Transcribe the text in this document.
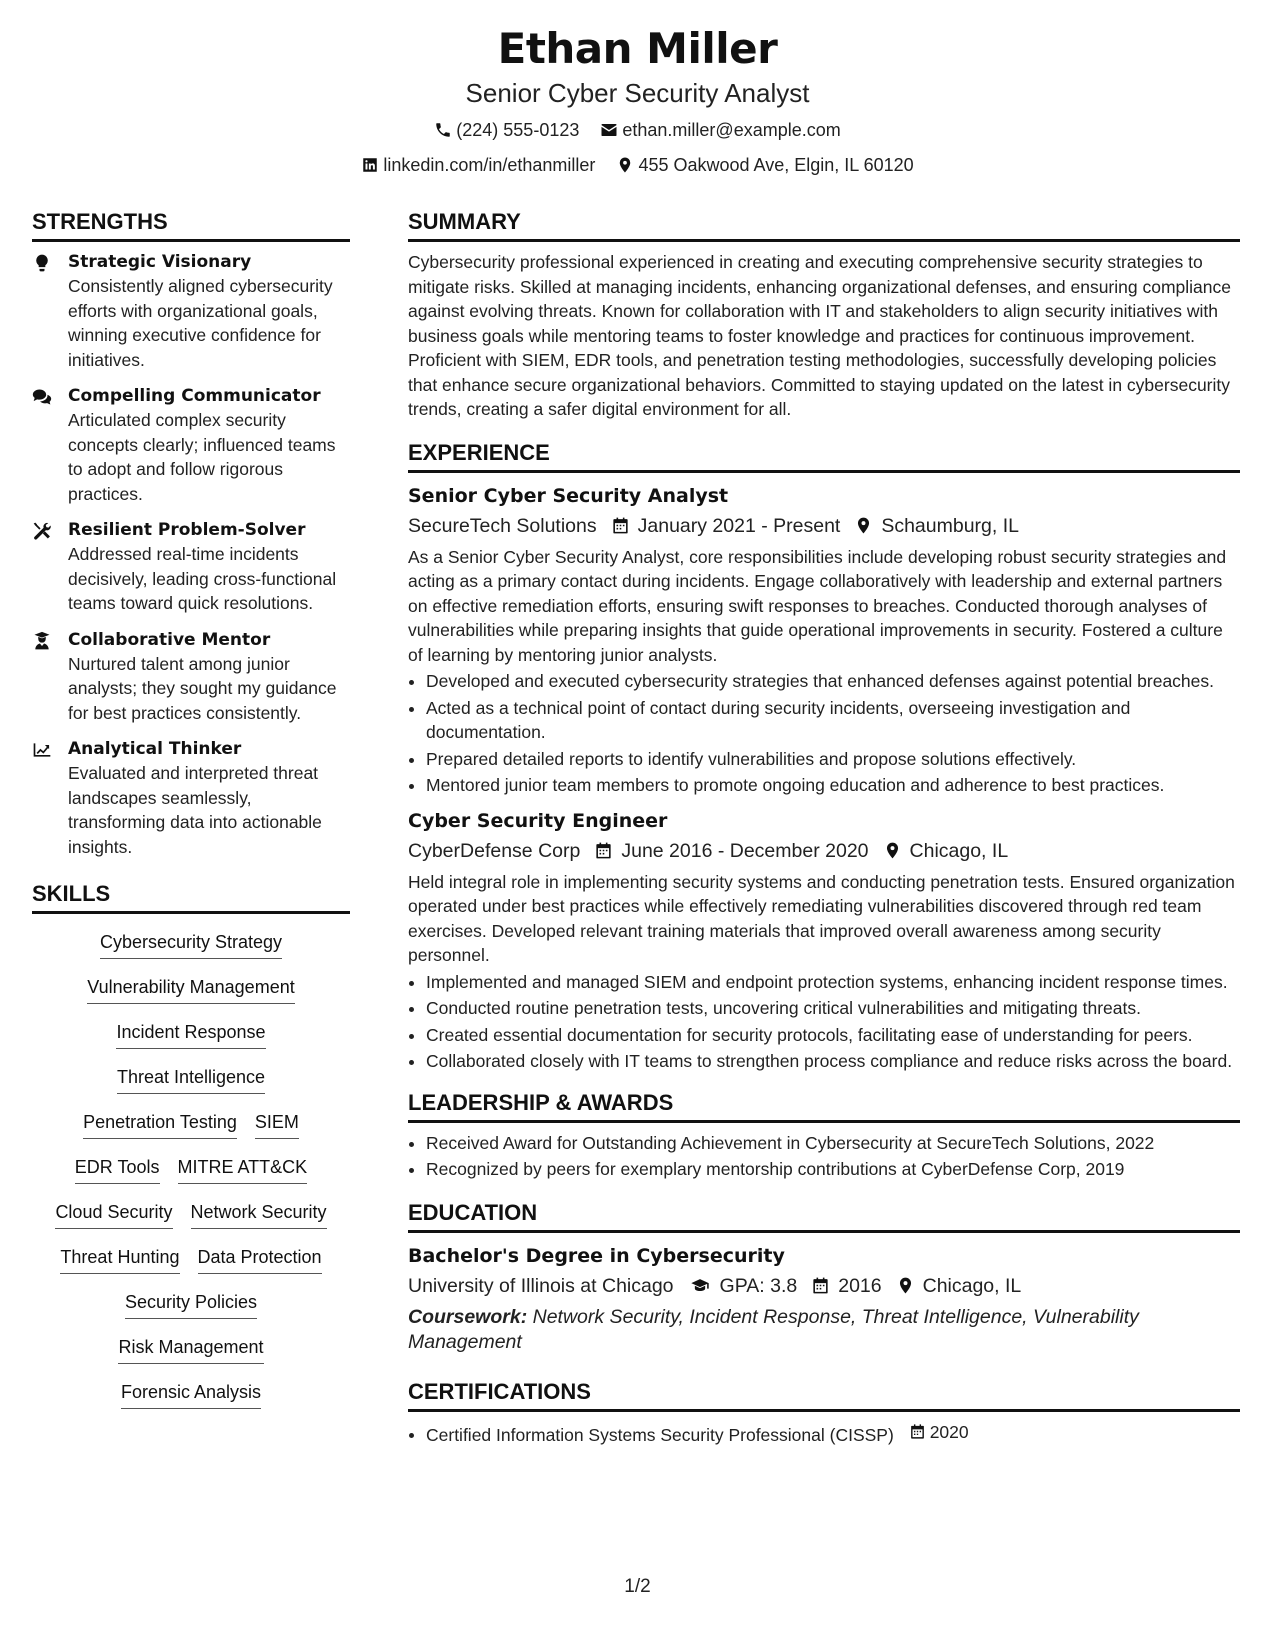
Ethan Miller
Senior Cyber Security Analyst
(224) 555-0123
ethan.miller@example.com
linkedin.com/in/ethanmiller
455 Oakwood Ave, Elgin, IL 60120
STRENGTHS
Strategic Visionary
Consistently aligned cybersecurity efforts with organizational goals, winning executive confidence for initiatives.
Compelling Communicator
Articulated complex security concepts clearly; influenced teams to adopt and follow rigorous practices.
Resilient Problem-Solver
Addressed real-time incidents decisively, leading cross-functional teams toward quick resolutions.
Collaborative Mentor
Nurtured talent among junior analysts; they sought my guidance for best practices consistently.
Analytical Thinker
Evaluated and interpreted threat landscapes seamlessly, transforming data into actionable insights.
SKILLS
Cybersecurity Strategy
Vulnerability Management
Incident Response
Threat Intelligence
Penetration Testing SIEM
EDR Tools MITRE ATT&CK
Cloud Security Network Security
Threat Hunting Data Protection
Security Policies
Risk Management
Forensic Analysis
SUMMARY

Cybersecurity professional experienced in creating and executing comprehensive security strategies to mitigate risks. Skilled at managing incidents, enhancing organizational defenses, and ensuring compliance against evolving threats. Known for collaboration with IT and stakeholders to align security initiatives with business goals while mentoring teams to foster knowledge and practices for continuous improvement. Proficient with SIEM, EDR tools, and penetration testing methodologies, successfully developing policies that enhance secure organizational behaviors. Committed to staying updated on the latest in cybersecurity trends, creating a safer digital environment for all.

EXPERIENCE
Senior Cyber Security Analyst
SecureTech Solutions January 2021 - Present Schaumburg, IL

As a Senior Cyber Security Analyst, core responsibilities include developing robust security strategies and acting as a primary contact during incidents. Engage collaboratively with leadership and external partners on effective remediation efforts, ensuring swift responses to breaches. Conducted thorough analyses of vulnerabilities while preparing insights that guide operational improvements in security. Fostered a culture of learning by mentoring junior analysts.

• Developed and executed cybersecurity strategies that enhanced defenses against potential breaches.
• Acted as a technical point of contact during security incidents, overseeing investigation and documentation.
• Prepared detailed reports to identify vulnerabilities and propose solutions effectively.
• Mentored junior team members to promote ongoing education and adherence to best practices.
Cyber Security Engineer
CyberDefense Corp June 2016 - December 2020 Chicago, IL

Held integral role in implementing security systems and conducting penetration tests. Ensured organization operated under best practices while effectively remediating vulnerabilities discovered through red team exercises. Developed relevant training materials that improved overall awareness among security personnel.

• Implemented and managed SIEM and endpoint protection systems, enhancing incident response times.
• Conducted routine penetration tests, uncovering critical vulnerabilities and mitigating threats.
• Created essential documentation for security protocols, facilitating ease of understanding for peers.
• Collaborated closely with IT teams to strengthen process compliance and reduce risks across the board.
LEADERSHIP & AWARDS
• Received Award for Outstanding Achievement in Cybersecurity at SecureTech Solutions, 2022
• Recognized by peers for exemplary mentorship contributions at CyberDefense Corp, 2019
EDUCATION
Bachelor's Degree in Cybersecurity
University of Illinois at Chicago GPA: 3.8 2016 Chicago, IL
Coursework: Network Security, Incident Response, Threat Intelligence, Vulnerability Management
CERTIFICATIONS
• Certified Information Systems Security Professional (CISSP) 2020
1/2
